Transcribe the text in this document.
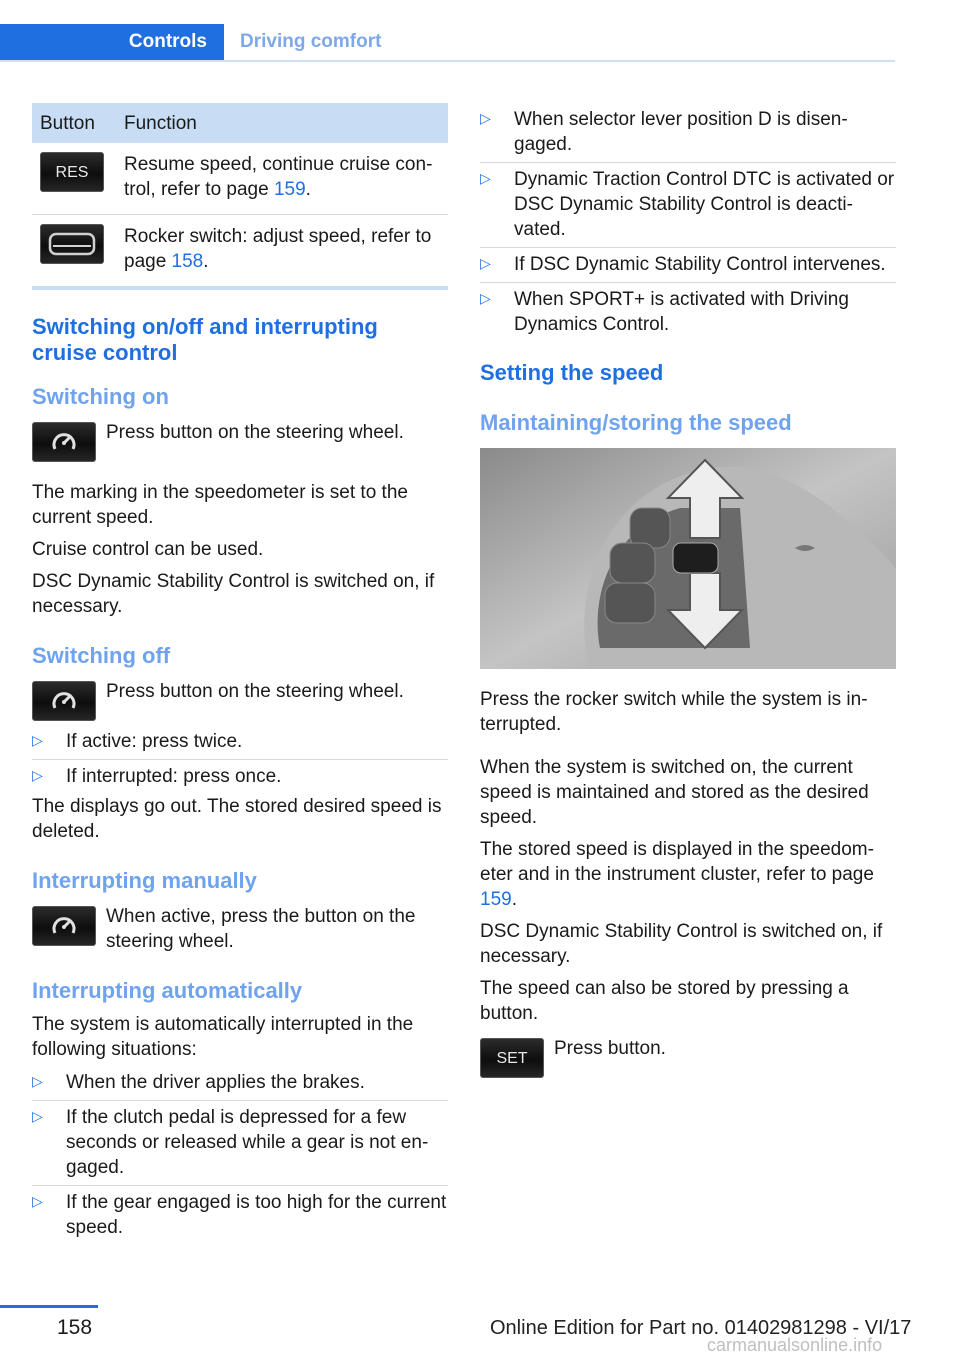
Controls	Driving comfort
Button	Function

RES	Resume speed, continue cruise control, refer to page 159.

	Rocker switch: adjust speed, refer to page 158.
Switching on/off and interrupting cruise control
Switching on

Press button on the steering wheel.

The marking in the speedometer is set to the current speed.

Cruise control can be used.

DSC Dynamic Stability Control is switched on, if necessary.

Switching off

Press button on the steering wheel.

▷ If active: press twice.
▷ If interrupted: press once.

The displays go out. The stored desired speed is deleted.

Interrupting manually

When active, press the button on the steering wheel.

Interrupting automatically

The system is automatically interrupted in the following situations:

▷ When the driver applies the brakes.
▷ If the clutch pedal is depressed for a few seconds or released while a gear is not engaged.
▷ If the gear engaged is too high for the current speed.
▷ When selector lever position D is disengaged.
▷ Dynamic Traction Control DTC is activated or DSC Dynamic Stability Control is deactivated.
▷ If DSC Dynamic Stability Control intervenes.
▷ When SPORT+ is activated with Driving Dynamics Control.
Setting the speed
Maintaining/storing the speed

Press the rocker switch while the system is interrupted.

When the system is switched on, the current speed is maintained and stored as the desired speed.

The stored speed is displayed in the speedometer and in the instrument cluster, refer to page 159.

DSC Dynamic Stability Control is switched on, if necessary.

The speed can also be stored by pressing a button.

SET Press button.

158	Online Edition for Part no. 01402981298 - VI/17
carmanualsonline.info
